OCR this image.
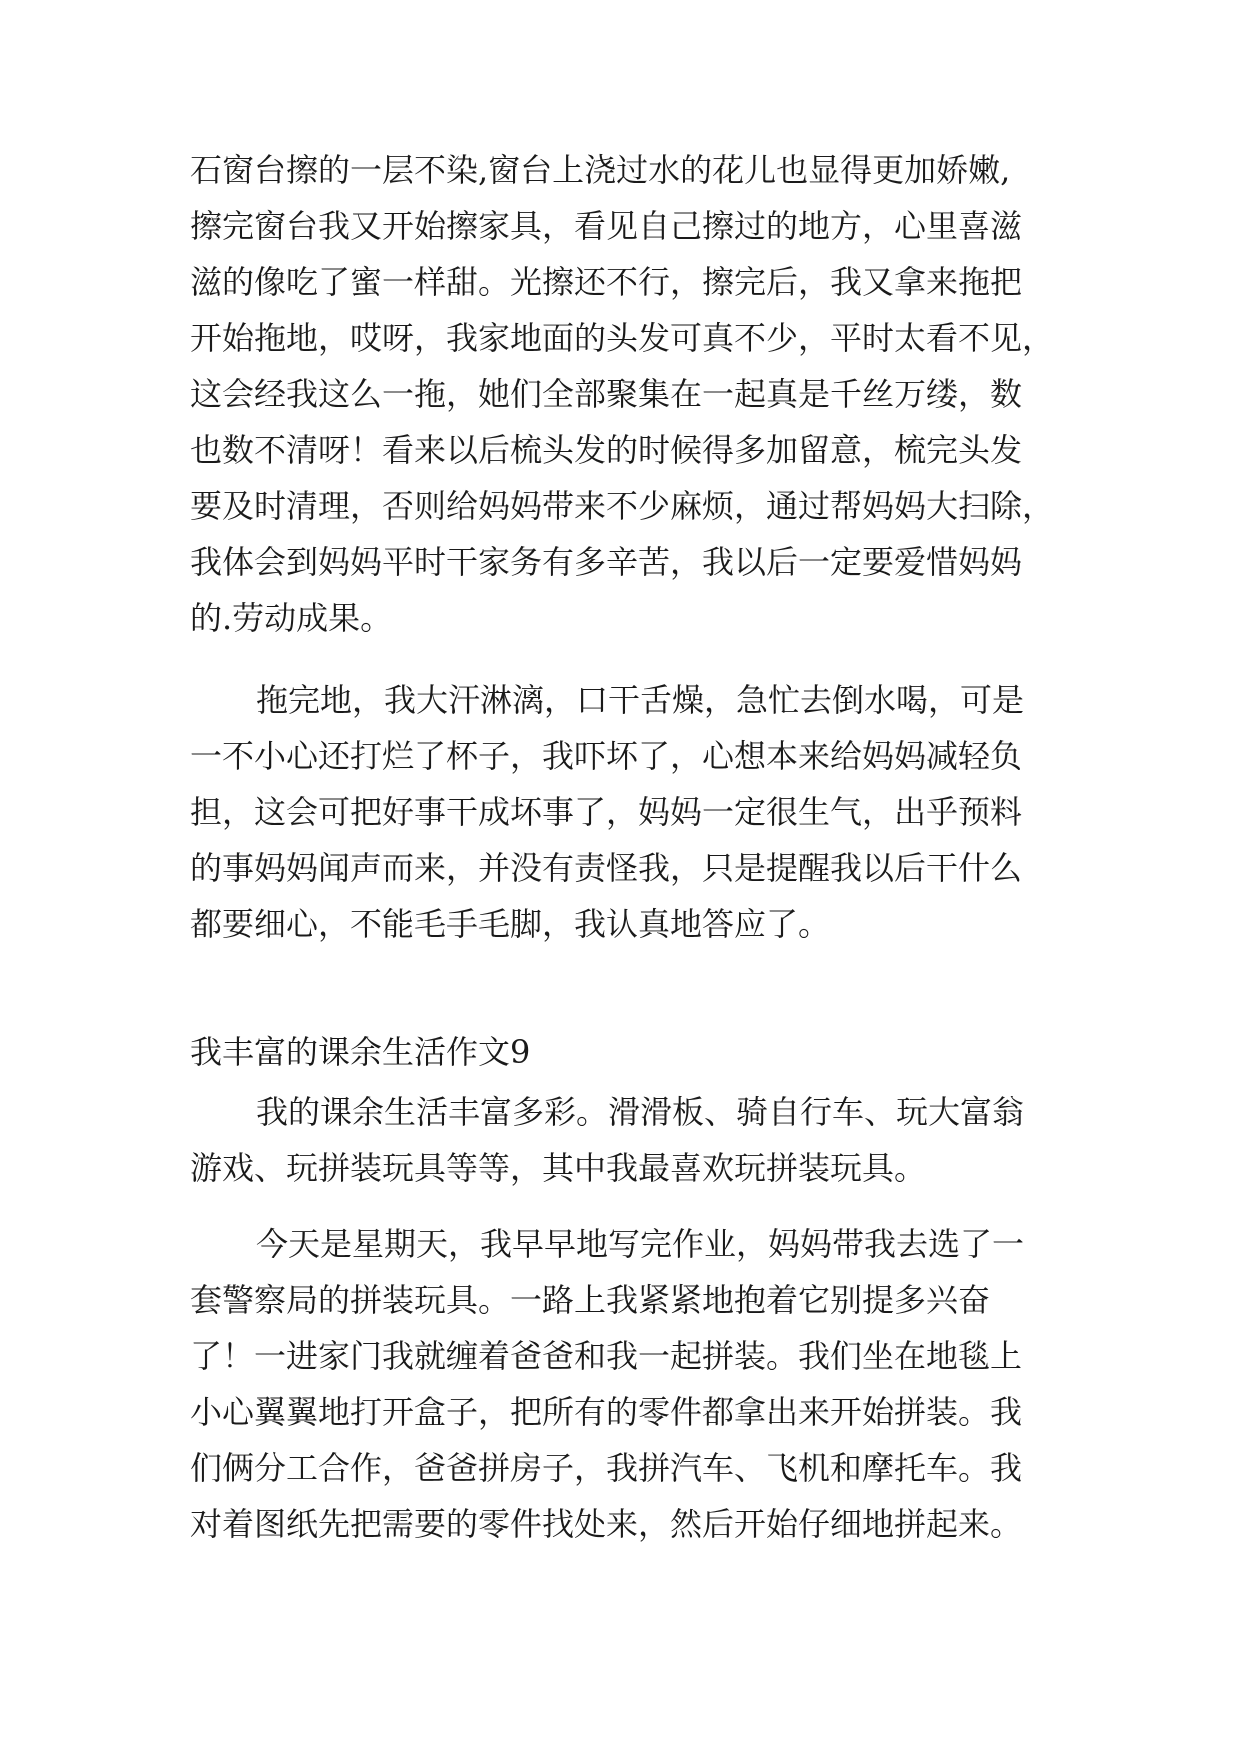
石窗台擦的一层不染,窗台上浇过水的花儿也显得更加娇嫩,
擦完窗台我又开始擦家具，看见自己擦过的地方，心里喜滋
滋的像吃了蜜一样甜。光擦还不行，擦完后，我又拿来拖把
开始拖地，哎呀，我家地面的头发可真不少，平时太看不见，
这会经我这么一拖，她们全部聚集在一起真是千丝万缕，数
也数不清呀！看来以后梳头发的时候得多加留意，梳完头发
要及时清理，否则给妈妈带来不少麻烦，通过帮妈妈大扫除，
我体会到妈妈平时干家务有多辛苦，我以后一定要爱惜妈妈
的.劳动成果。
拖完地，我大汗淋漓，口干舌燥，急忙去倒水喝，可是
一不小心还打烂了杯子，我吓坏了，心想本来给妈妈减轻负
担，这会可把好事干成坏事了，妈妈一定很生气，出乎预料
的事妈妈闻声而来，并没有责怪我，只是提醒我以后干什么
都要细心，不能毛手毛脚，我认真地答应了。
我丰富的课余生活作文9
我的课余生活丰富多彩。滑滑板、骑自行车、玩大富翁
游戏、玩拼装玩具等等，其中我最喜欢玩拼装玩具。
今天是星期天，我早早地写完作业，妈妈带我去选了一
套警察局的拼装玩具。一路上我紧紧地抱着它别提多兴奋
了！一进家门我就缠着爸爸和我一起拼装。我们坐在地毯上
小心翼翼地打开盒子，把所有的零件都拿出来开始拼装。我
们俩分工合作，爸爸拼房子，我拼汽车、飞机和摩托车。我
对着图纸先把需要的零件找处来，然后开始仔细地拼起来。
